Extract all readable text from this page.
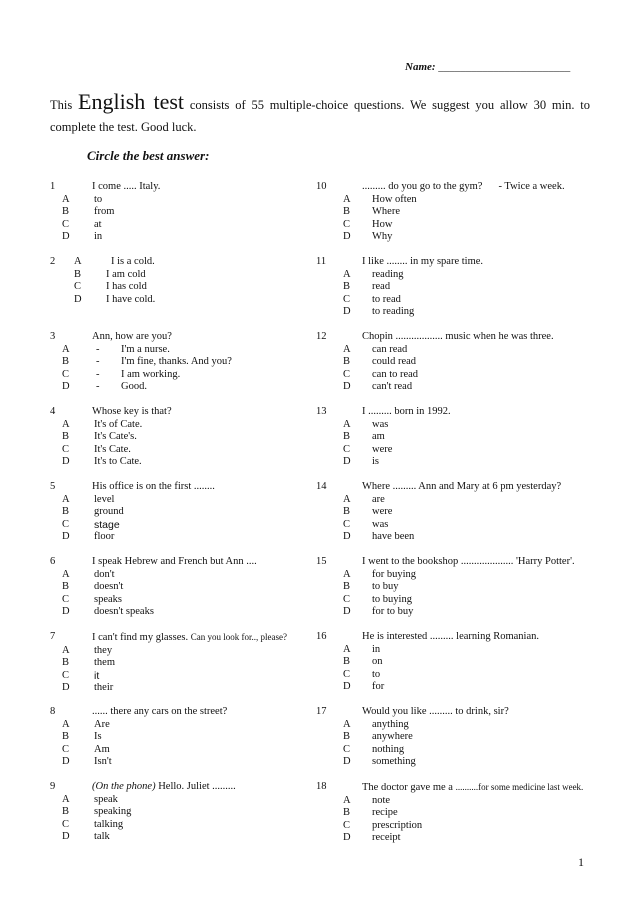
Name: ________________________
This English test consists of 55 multiple-choice questions. We suggest you allow 30 min. to
complete the test. Good luck.
Circle the best answer:
1	I come ..... Italy.
A	to
B	from
C	at
D	in
2	A	I is a cold.
B	I am cold
C	I has cold
D	I have cold.
3	Ann, how are you?
A	- I'm a nurse.
B	- I'm fine, thanks. And you?
C	- I am working.
D	- Good.
4	Whose key is that?
A	It's of Cate.
B	It's Cate's.
C	It's Cate.
D	It's to Cate.
5	His office is on the first ........
A	level
B	ground
C	stage
D	floor
6	I speak Hebrew and French but Ann ....
A	don't
B	doesn't
C	speaks
D	doesn't speaks
7	I can't find my glasses. Can you look for.., please?
A	they
B	them
C	it
D	their
8	...... there any cars on the street?
A	Are
B	Is
C	Am
D	Isn't
9	(On the phone) Hello. Juliet .........
A	speak
B	speaking
C	talking
D	talk
10	......... do you go to the gym? - Twice a week.
A	How often
B	Where
C	How
D	Why
11	I like ........ in my spare time.
A	reading
B	read
C	to read
D	to reading
12	Chopin .................. music when he was three.
A	can read
B	could read
C	can to read
D	can't read
13	I ......... born in 1992.
A	was
B	am
C	were
D	is
14	Where ......... Ann and Mary at 6 pm yesterday?
A	are
B	were
C	was
D	have been
15	I went to the bookshop .................... 'Harry Potter'.
A	for buying
B	to buy
C	to buying
D	for to buy
16	He is interested ......... learning Romanian.
A	in
B	on
C	to
D	for
17	Would you like ......... to drink, sir?
A	anything
B	anywhere
C	nothing
D	something
18	The doctor gave me a ..........for some medicine last week.
A	note
B	recipe
C	prescription
D	receipt
1
